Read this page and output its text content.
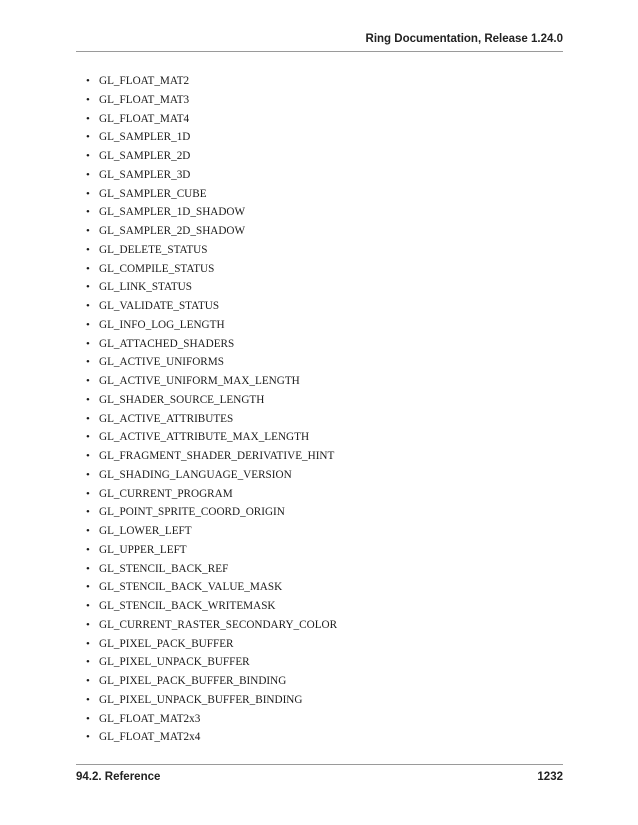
Ring Documentation, Release 1.24.0
• GL_FLOAT_MAT2
• GL_FLOAT_MAT3
• GL_FLOAT_MAT4
• GL_SAMPLER_1D
• GL_SAMPLER_2D
• GL_SAMPLER_3D
• GL_SAMPLER_CUBE
• GL_SAMPLER_1D_SHADOW
• GL_SAMPLER_2D_SHADOW
• GL_DELETE_STATUS
• GL_COMPILE_STATUS
• GL_LINK_STATUS
• GL_VALIDATE_STATUS
• GL_INFO_LOG_LENGTH
• GL_ATTACHED_SHADERS
• GL_ACTIVE_UNIFORMS
• GL_ACTIVE_UNIFORM_MAX_LENGTH
• GL_SHADER_SOURCE_LENGTH
• GL_ACTIVE_ATTRIBUTES
• GL_ACTIVE_ATTRIBUTE_MAX_LENGTH
• GL_FRAGMENT_SHADER_DERIVATIVE_HINT
• GL_SHADING_LANGUAGE_VERSION
• GL_CURRENT_PROGRAM
• GL_POINT_SPRITE_COORD_ORIGIN
• GL_LOWER_LEFT
• GL_UPPER_LEFT
• GL_STENCIL_BACK_REF
• GL_STENCIL_BACK_VALUE_MASK
• GL_STENCIL_BACK_WRITEMASK
• GL_CURRENT_RASTER_SECONDARY_COLOR
• GL_PIXEL_PACK_BUFFER
• GL_PIXEL_UNPACK_BUFFER
• GL_PIXEL_PACK_BUFFER_BINDING
• GL_PIXEL_UNPACK_BUFFER_BINDING
• GL_FLOAT_MAT2x3
• GL_FLOAT_MAT2x4
94.2. Reference	1232
